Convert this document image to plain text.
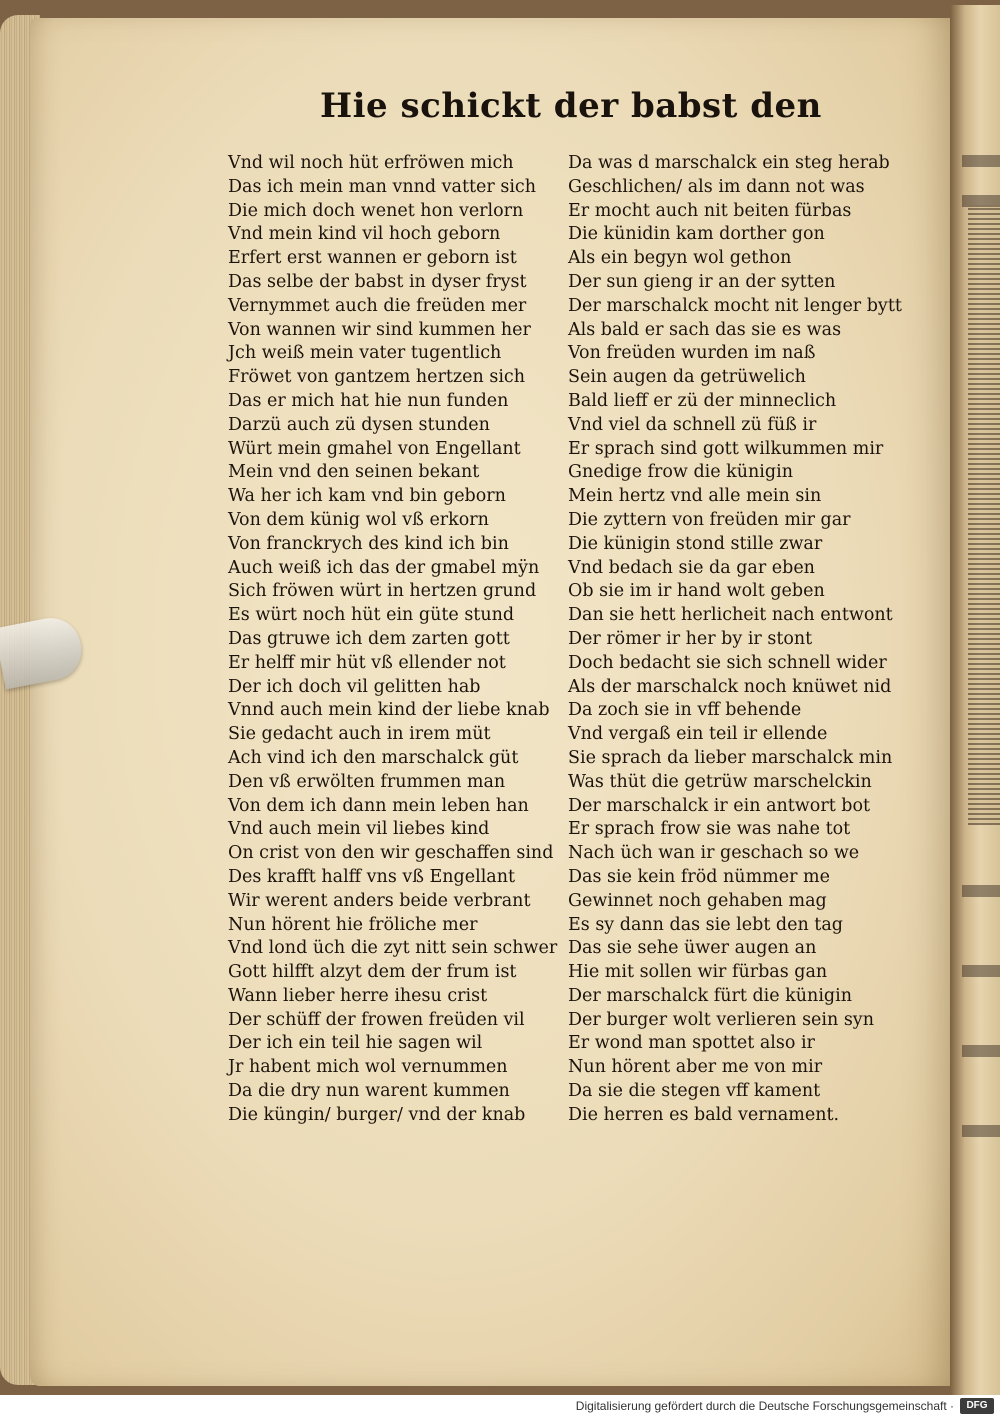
Hie schickt der babst den
Vnd wil noch hüt erfröwen mich
Das ich mein man vnnd vatter sich
Die mich doch wenet hon verlorn
Vnd mein kind vil hoch geborn
Erfert erst wannen er geborn ist
Das selbe der babst in dyser fryst
Vernymmet auch die freüden mer
Von wannen wir sind kummen her
Jch weiß mein vater tugentlich
Fröwet von gantzem hertzen sich
Das er mich hat hie nun funden
Darzü auch zü dysen stunden
Würt mein gmahel von Engellant
Mein vnd den seinen bekant
Wa her ich kam vnd bin geborn
Von dem künig wol vß erkorn
Von franckrych des kind ich bin
Auch weiß ich das der gmabel mÿn
Sich fröwen würt in hertzen grund
Es würt noch hüt ein güte stund
Das gtruwe ich dem zarten gott
Er helff mir hüt vß ellender not
Der ich doch vil gelitten hab
Vnnd auch mein kind der liebe knab
Sie gedacht auch in irem müt
Ach vind ich den marschalck güt
Den vß erwölten frummen man
Von dem ich dann mein leben han
Vnd auch mein vil liebes kind
On crist von den wir geschaffen sind
Des krafft halff vns vß Engellant
Wir werent anders beide verbrant
Nun hörent hie fröliche mer
Vnd lond üch die zyt nitt sein schwer
Gott hilfft alzyt dem der frum ist
Wann lieber herre ihesu crist
Der schüff der frowen freüden vil
Der ich ein teil hie sagen wil
Jr habent mich wol vernummen
Da die dry nun warent kummen
Die küngin/ burger/ vnd der knab
Da was d marschalck ein steg herab
Geschlichen/ als im dann not was
Er mocht auch nit beiten fürbas
Die künidin kam dorther gon
Als ein begyn wol gethon
Der sun gieng ir an der sytten
Der marschalck mocht nit lenger bytt
Als bald er sach das sie es was
Von freüden wurden im naß
Sein augen da getrüwelich
Bald lieff er zü der minneclich
Vnd viel da schnell zü füß ir
Er sprach sind gott wilkummen mir
Gnedige frow die künigin
Mein hertz vnd alle mein sin
Die zyttern von freüden mir gar
Die künigin stond stille zwar
Vnd bedach sie da gar eben
Ob sie im ir hand wolt geben
Dan sie hett herlicheit nach entwont
Der römer ir her by ir stont
Doch bedacht sie sich schnell wider
Als der marschalck noch knüwet nid
Da zoch sie in vff behende
Vnd vergaß ein teil ir ellende
Sie sprach da lieber marschalck min
Was thüt die getrüw marschelckin
Der marschalck ir ein antwort bot
Er sprach frow sie was nahe tot
Nach üch wan ir geschach so we
Das sie kein fröd nümmer me
Gewinnet noch gehaben mag
Es sy dann das sie lebt den tag
Das sie sehe üwer augen an
Hie mit sollen wir fürbas gan
Der marschalck fürt die künigin
Der burger wolt verlieren sein syn
Er wond man spottet also ir
Nun hörent aber me von mir
Da sie die stegen vff kament
Die herren es bald vernament.
Digitalisierung gefördert durch die Deutsche Forschungsgemeinschaft ·	DFG
